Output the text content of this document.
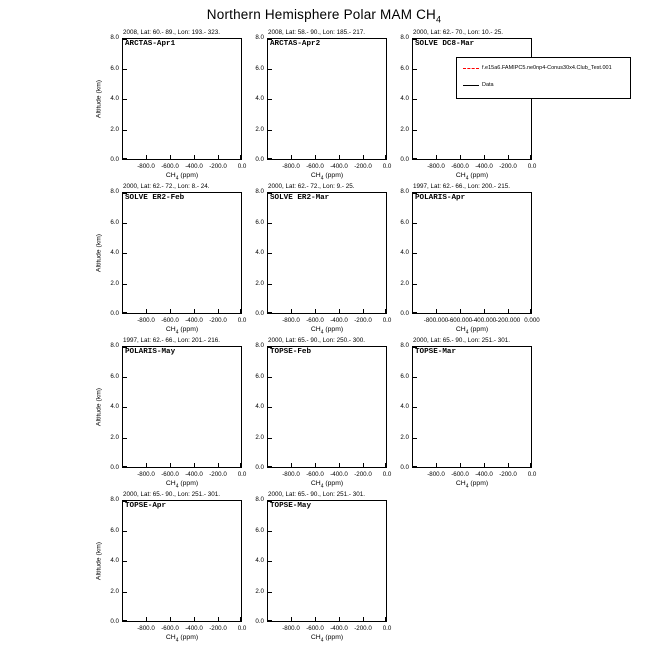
Northern Hemisphere Polar MAM $CH_4$
f.e15a6.FAMIPC5.ne0np4-Conus30x4.Club_Test.001
Data
2008, Lat: 60.- 89., Lon: 193.- 323.
ARCTAS-Apr1
0.0
2.0
4.0
6.0
8.0
-800.0 -600.0 -400.0 -200.0 0.0
$CH_4$ (ppm)
Altitude (km)
2008, Lat: 58.- 90., Lon: 185.- 217.
ARCTAS-Apr2
0.0
2.0
4.0
6.0
8.0
-800.0 -600.0 -400.0 -200.0 0.0
$CH_4$ (ppm)
2000, Lat: 62.- 70., Lon: 10.- 25.
SOLVE DC8-Mar
0.0
2.0
4.0
6.0
8.0
-800.0 -600.0 -400.0 -200.0 0.0
$CH_4$ (ppm)
2000, Lat: 62.- 72., Lon: 8.- 24.
SOLVE ER2-Feb
0.0
2.0
4.0
6.0
8.0
-800.0 -600.0 -400.0 -200.0 0.0
$CH_4$ (ppm)
Altitude (km)
2000, Lat: 62.- 72., Lon: 9.- 25.
SOLVE ER2-Mar
0.0
2.0
4.0
6.0
8.0
-800.0 -600.0 -400.0 -200.0 0.0
$CH_4$ (ppm)
1997, Lat: 62.- 66., Lon: 200.- 215.
POLARIS-Apr
0.0
2.0
4.0
6.0
8.0
-800.000 -600.000 -400.000 -200.000 0.000
$CH_4$ (ppm)
1997, Lat: 62.- 66., Lon: 201.- 216.
POLARIS-May
0.0
2.0
4.0
6.0
8.0
-800.0 -600.0 -400.0 -200.0 0.0
$CH_4$ (ppm)
Altitude (km)
2000, Lat: 65.- 90., Lon: 250.- 300.
TOPSE-Feb
0.0
2.0
4.0
6.0
8.0
-800.0 -600.0 -400.0 -200.0 0.0
$CH_4$ (ppm)
2000, Lat: 65.- 90., Lon: 251.- 301.
TOPSE-Mar
0.0
2.0
4.0
6.0
8.0
-800.0 -600.0 -400.0 -200.0 0.0
$CH_4$ (ppm)
2000, Lat: 65.- 90., Lon: 251.- 301.
TOPSE-Apr
0.0
2.0
4.0
6.0
8.0
-800.0 -600.0 -400.0 -200.0 0.0
$CH_4$ (ppm)
Altitude (km)
2000, Lat: 65.- 90., Lon: 251.- 301.
TOPSE-May
0.0
2.0
4.0
6.0
8.0
-800.0 -600.0 -400.0 -200.0 0.0
$CH_4$ (ppm)
